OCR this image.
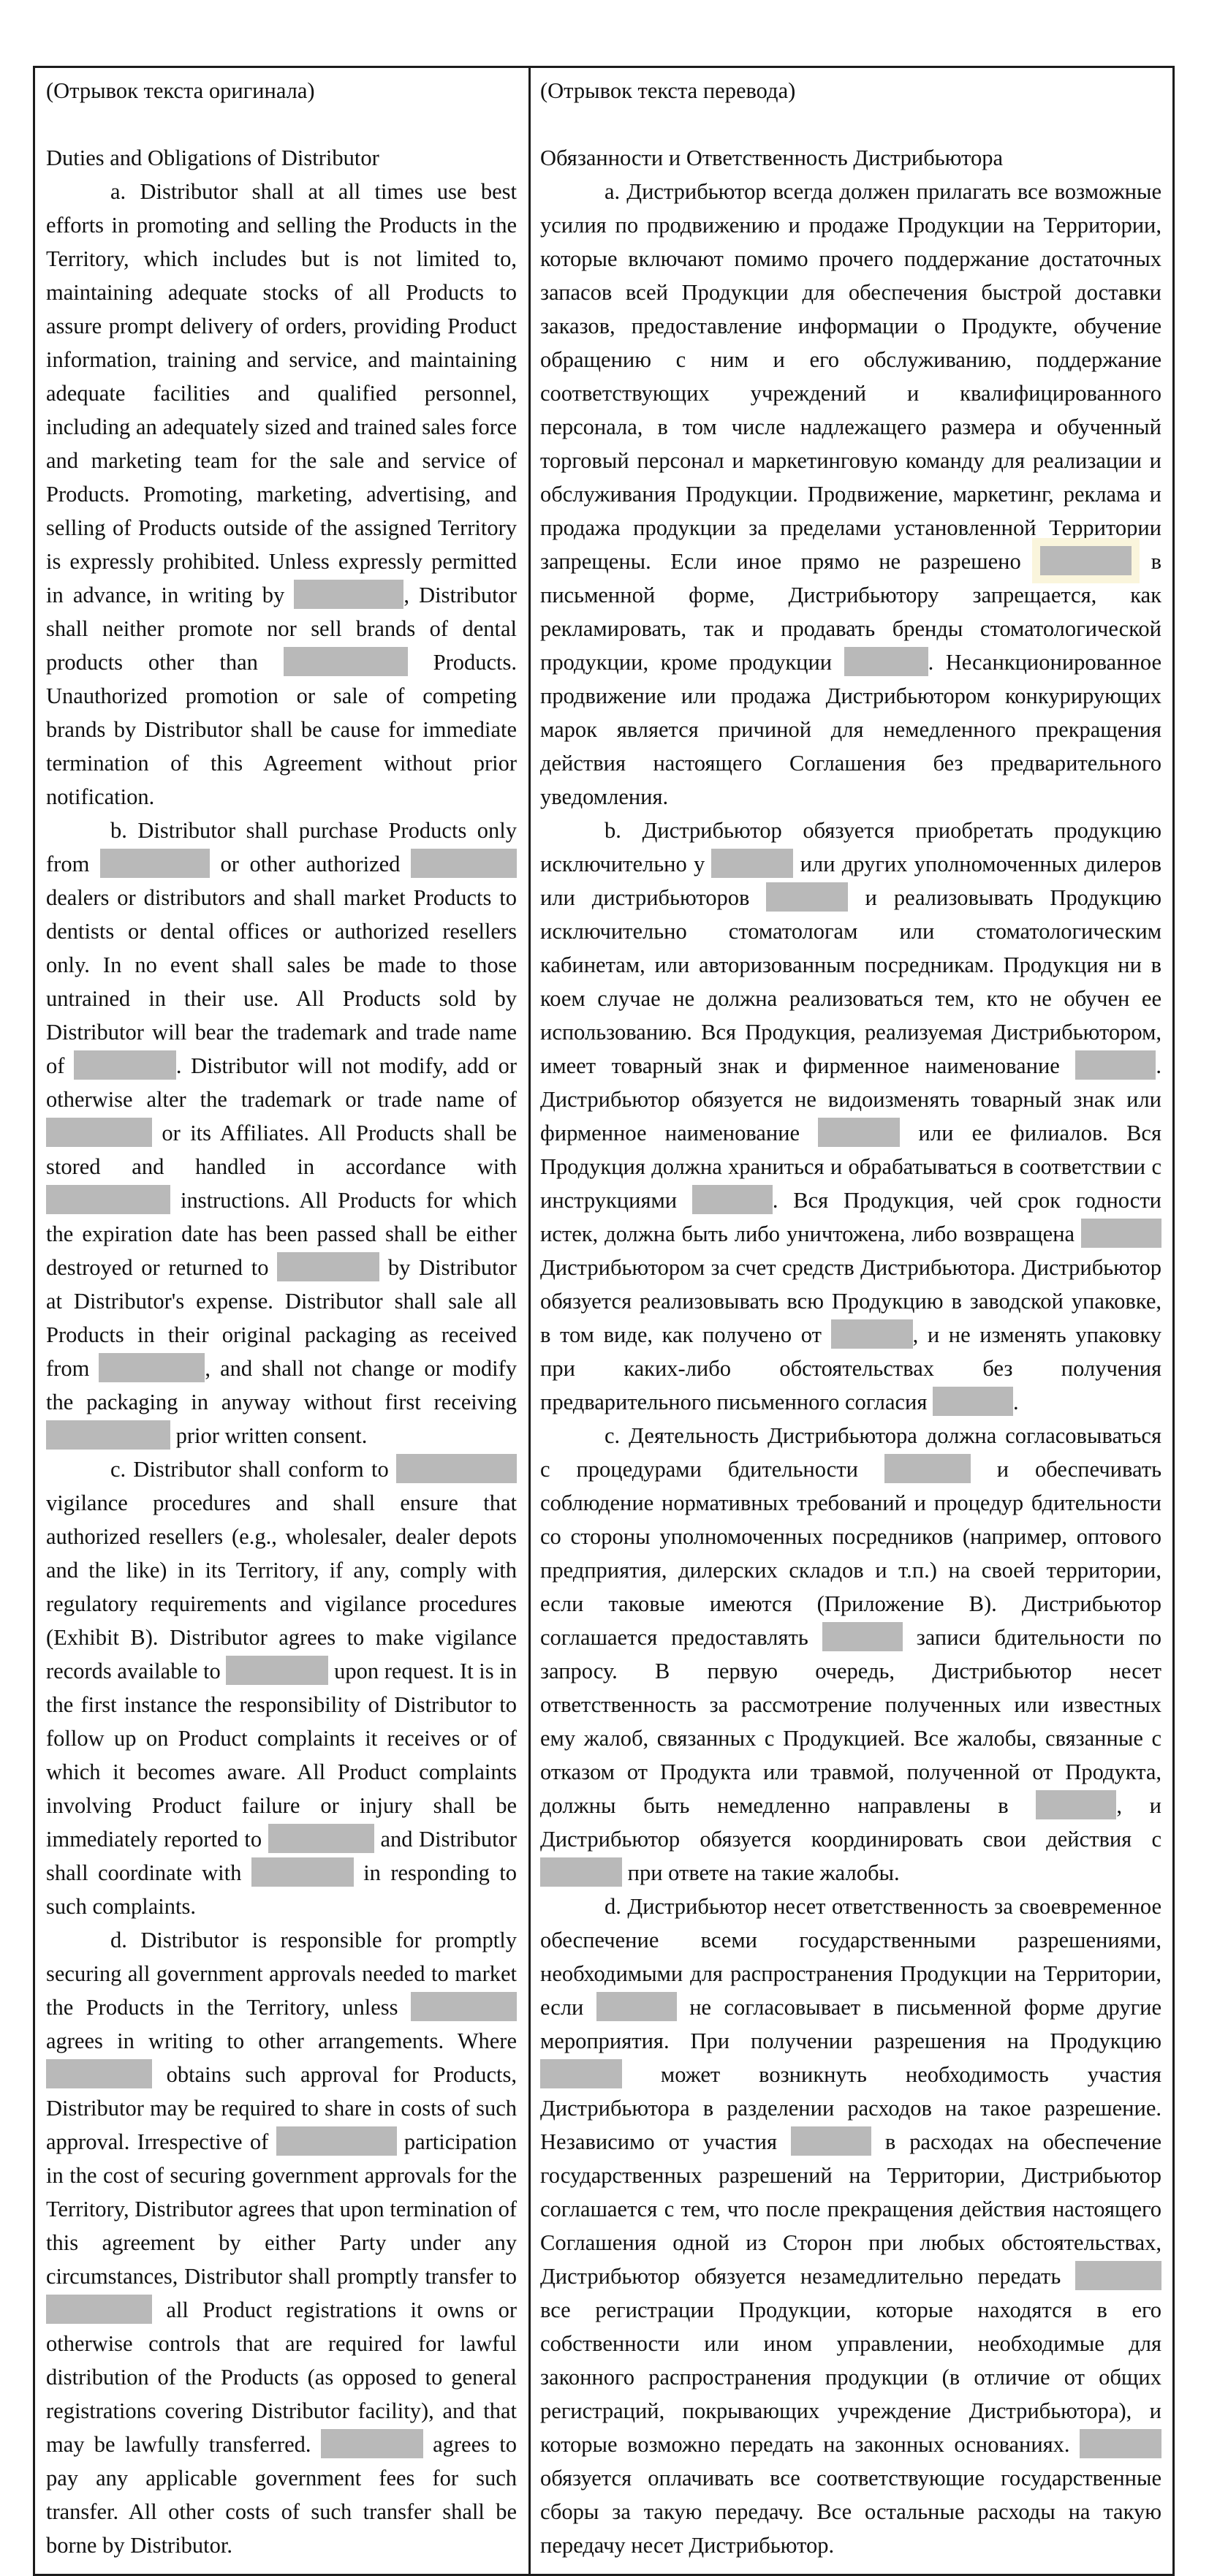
(Отрывок текста оригинала)

Duties and Obligations of Distributor

a. Distributor shall at all times use best efforts in promoting and selling the Products in the Territory, which includes but is not limited to, maintaining adequate stocks of all Products to assure prompt delivery of orders, providing Product information, training and service, and maintaining adequate facilities and qualified personnel, including an adequately sized and trained sales force and marketing team for the sale and service of Products. Promoting, marketing, advertising, and selling of Products outside of the assigned Territory is expressly prohibited. Unless expressly permitted in advance, in writing by	, Distributor shall neither promote nor sell brands of dental products other than	Products. Unauthorized promotion or sale of competing brands by Distributor shall be cause for immediate termination of this Agreement without prior notification.

b. Distributor shall purchase Products only from	or other authorized  dealers or distributors and shall market Products to dentists or dental offices or authorized resellers only. In no event shall sales be made to those untrained in their use. All Products sold by Distributor will bear the trademark and trade name of	. Distributor will not modify, add or otherwise alter the trademark or trade name of  or its Affiliates. All Products shall be stored and handled in accordance with  instructions. All Products for which the expiration date has been passed shall be either destroyed or returned to	by Distributor at Distributor's expense. Distributor shall sale all Products in their original packaging as received from	, and shall not change or modify the packaging in anyway without first receiving  prior written consent.

c. Distributor shall conform to  vigilance procedures and shall ensure that authorized resellers (e.g., wholesaler, dealer depots and the like) in its Territory, if any, comply with regulatory requirements and vigilance procedures (Exhibit B). Distributor agrees to make vigilance records available to	upon request. It is in the first instance the responsibility of Distributor to follow up on Product complaints it receives or of which it becomes aware. All Product complaints involving Product failure or injury shall be immediately reported to	and Distributor shall coordinate with	in responding to such complaints.

d. Distributor is responsible for promptly securing all government approvals needed to market the Products in the Territory, unless  agrees in writing to other arrangements. Where  obtains such approval for Products, Distributor may be required to share in costs of such approval. Irrespective of	participation in the cost of securing government approvals for the Territory, Distributor agrees that upon termination of this agreement by either Party under any circumstances, Distributor shall promptly transfer to  all Product registrations it owns or otherwise controls that are required for lawful distribution of the Products (as opposed to general registrations covering Distributor facility), and that may be lawfully transferred.	agrees to pay any applicable government fees for such transfer. All other costs of such transfer shall be borne by Distributor.

(Отрывок текста перевода)

Обязанности и Ответственность Дистрибьютора

a. Дистрибьютор всегда должен прилагать все возможные усилия по продвижению и продаже Продукции на Территории, которые включают помимо прочего поддержание достаточных запасов всей Продукции для обеспечения быстрой доставки заказов, предоставление информации о Продукте, обучение обращению с ним и его обслуживанию, поддержание соответствующих учреждений и квалифицированного персонала, в том числе надлежащего размера и обученный торговый персонал и маркетинговую команду для реализации и обслуживания Продукции. Продвижение, маркетинг, реклама и продажа продукции за пределами установленной Территории запрещены. Если иное прямо не разрешено	в письменной форме, Дистрибьютору запрещается, как рекламировать, так и продавать бренды стоматологической продукции, кроме продукции	. Несанкционированное продвижение или продажа Дистрибьютором конкурирующих марок является причиной для немедленного прекращения действия настоящего Соглашения без предварительного уведомления.

b. Дистрибьютор обязуется приобретать продукцию исключительно у	или других уполномоченных дилеров или дистрибьюторов	и реализовывать Продукцию исключительно стоматологам или стоматологическим кабинетам, или авторизованным посредникам. Продукция ни в коем случае не должна реализоваться тем, кто не обучен ее использованию. Вся Продукция, реализуемая Дистрибьютором, имеет товарный знак и фирменное наименование	. Дистрибьютор обязуется не видоизменять товарный знак или фирменное наименование	или ее филиалов. Вся Продукция должна храниться и обрабатываться в соответствии с инструкциями	. Вся Продукция, чей срок годности истек, должна быть либо уничтожена, либо возвращена  Дистрибьютором за счет средств Дистрибьютора. Дистрибьютор обязуется реализовывать всю Продукцию в заводской упаковке, в том виде, как получено от	, и не изменять упаковку при каких-либо обстоятельствах без получения предварительного письменного согласия	.

c. Деятельность Дистрибьютора должна согласовываться с процедурами бдительности	и обеспечивать соблюдение нормативных требований и процедур бдительности со стороны уполномоченных посредников (например, оптового предприятия, дилерских складов и т.п.) на своей территории, если таковые имеются (Приложение В). Дистрибьютор соглашается предоставлять	записи бдительности по запросу. В первую очередь, Дистрибьютор несет ответственность за рассмотрение полученных или известных ему жалоб, связанных с Продукцией. Все жалобы, связанные с отказом от Продукта или травмой, полученной от Продукта, должны быть немедленно направлены в	, и Дистрибьютор обязуется координировать свои действия с  при ответе на такие жалобы.

d. Дистрибьютор несет ответственность за своевременное обеспечение всеми государственными разрешениями, необходимыми для распространения Продукции на Территории, если	не согласовывает в письменной форме другие мероприятия. При получении разрешения на Продукцию  может возникнуть необходимость участия Дистрибьютора в разделении расходов на такое разрешение. Независимо от участия	в расходах на обеспечение государственных разрешений на Территории, Дистрибьютор соглашается с тем, что после прекращения действия настоящего Соглашения одной из Сторон при любых обстоятельствах, Дистрибьютор обязуется незамедлительно передать  все регистрации Продукции, которые находятся в его собственности или ином управлении, необходимые для законного распространения продукции (в отличие от общих регистраций, покрывающих учреждение Дистрибьютора), и которые возможно передать на законных основаниях.  обязуется оплачивать все соответствующие государственные сборы за такую передачу. Все остальные расходы на такую передачу несет Дистрибьютор.
